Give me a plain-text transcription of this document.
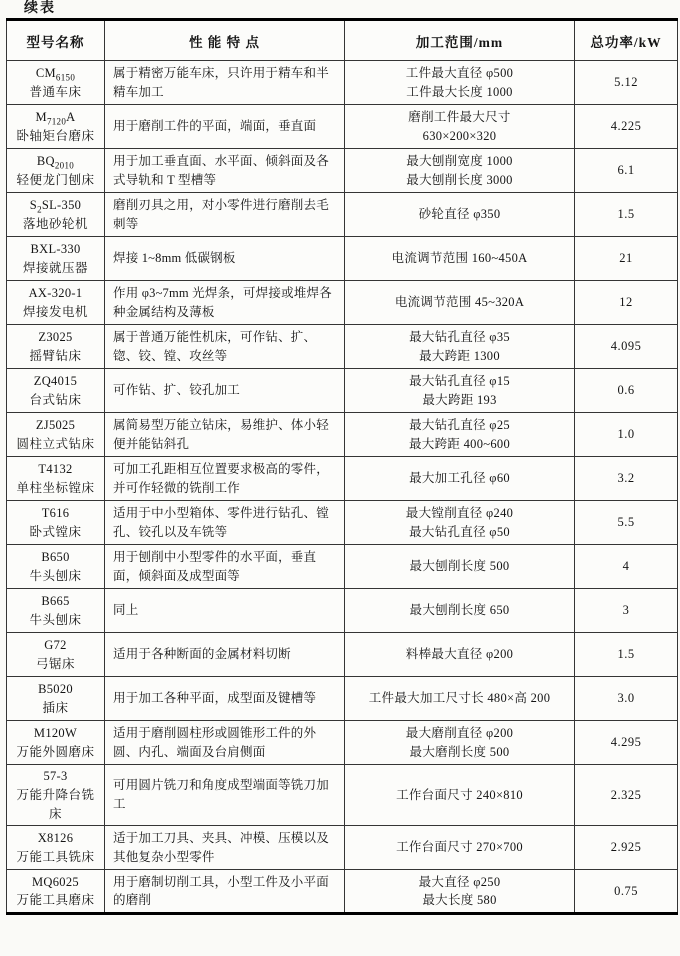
续表
型号名称	性 能 特 点	加工范围/mm	总功率/kW

$CM_{6150}$
普通车床
	属于精密万能车床，只许用于精车和半精车加工	
工件最大直径 φ500
工件最大长度 1000
	5.12

$M_{7120}A$
卧轴矩台磨床
	用于磨削工件的平面，端面，垂直面	
磨削工件最大尺寸
630×200×320
	4.225

$BQ_{2010}$
轻便龙门刨床
	用于加工垂直面、水平面、倾斜面及各式导轨和 T 型槽等	
最大刨削宽度 1000
最大刨削长度 3000
	6.1

$S_2SL-350$
落地砂轮机	磨削刃具之用，对小零件进行磨削去毛刺等	砂轮直径 φ350	1.5

BXL-330
焊接就压器	焊接 1~8mm 低碳钢板	电流调节范围 160~450A	21

AX-320-1
焊接发电机	作用 φ3~7mm 光焊条，可焊接或堆焊各种金属结构及薄板	电流调节范围 45~320A	12

Z3025
摇臂钻床
	属于普通万能性机床，可作钻、扩、锪、铰、镗、攻丝等	
最大钻孔直径 φ35
最大跨距 1300
	4.095

ZQ4015
台式钻床
	可作钻、扩、铰孔加工	
最大钻孔直径 φ15
最大跨距 193
	0.6

ZJ5025
圆柱立式钻床
	属简易型万能立钻床，易维护、体小轻便并能钻斜孔	
最大钻孔直径 φ25
最大跨距 400~600
	1.0

T4132
单柱坐标镗床	可加工孔距相互位置要求极高的零件，并可作轻微的铣削工作	最大加工孔径 φ60	3.2

T616
卧式镗床
	适用于中小型箱体、零件进行钻孔、镗孔、铰孔以及车铣等	
最大镗削直径 φ240
最大钻孔直径 φ50
	5.5

B650
牛头刨床	用于刨削中小型零件的水平面，垂直面，倾斜面及成型面等	最大刨削长度 500	4

B665
牛头刨床	同上	最大刨削长度 650	3

G72
弓锯床	适用于各种断面的金属材料切断	料棒最大直径 φ200	1.5

B5020
插床	用于加工各种平面，成型面及键槽等	工件最大加工尺寸长 480×高 200	3.0

M120W
万能外圆磨床
	适用于磨削圆柱形或圆锥形工件的外圆、内孔、端面及台肩侧面	
最大磨削直径 φ200
最大磨削长度 500
	4.295

57-3
万能升降台铣床	可用圆片铣刀和角度成型端面等铣刀加工	工作台面尺寸 240×810	2.325

X8126
万能工具铣床	适于加工刀具、夹具、冲模、压模以及其他复杂小型零件	工作台面尺寸 270×700	2.925

MQ6025
万能工具磨床
	用于磨制切削工具，小型工件及小平面的磨削	
最大直径 φ250
最大长度 580
	0.75
